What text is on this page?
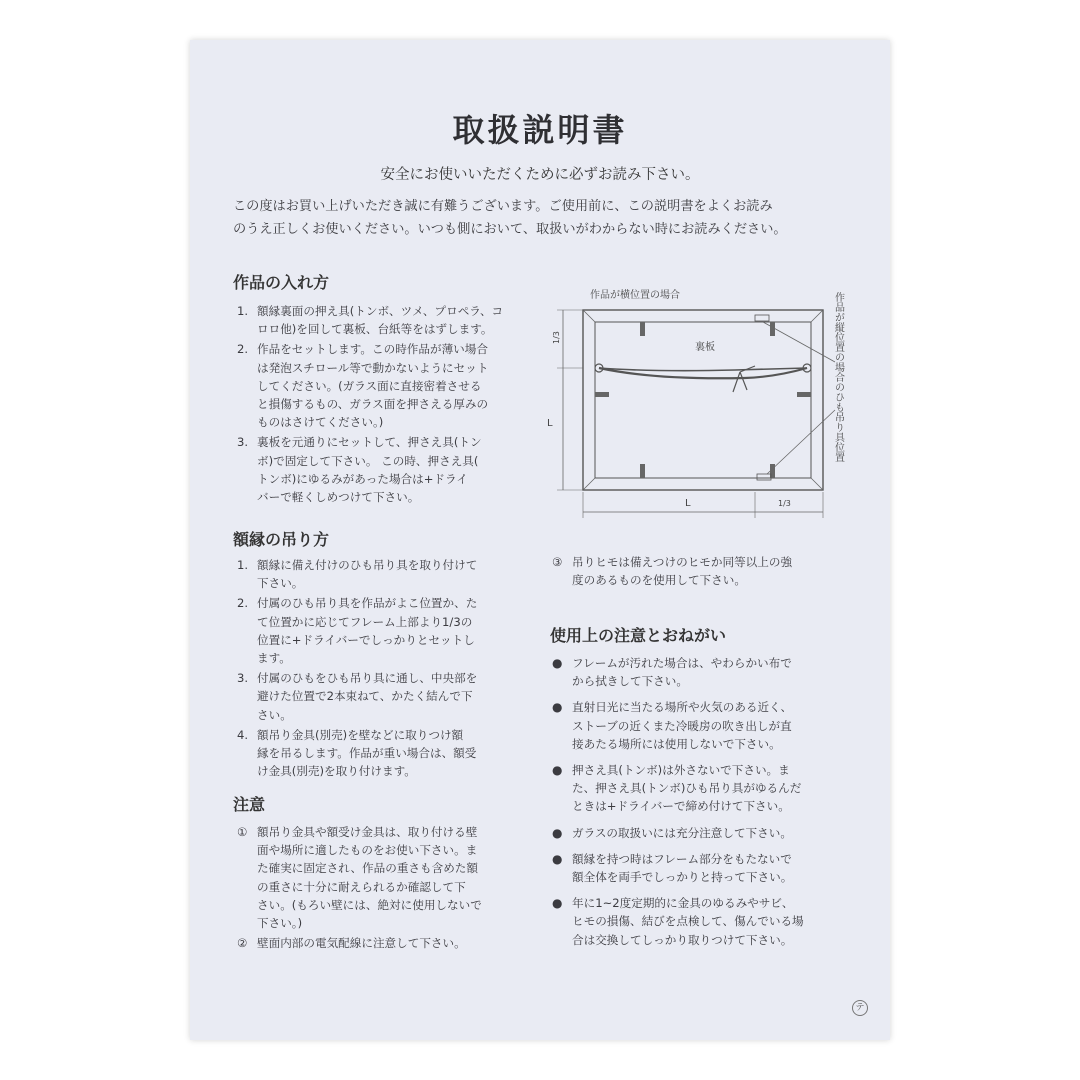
取扱説明書
安全にお使いいただくために必ずお読み下さい。

この度はお買い上げいただき誠に有難うございます。ご使用前に、この説明書をよくお読み

のうえ正しくお使いください。いつも側において、取扱いがわからない時にお読みください。

作品の入れ方
1. 額縁裏面の押え具(トンボ、ツメ、プロペラ、コ
ロロ他)を回して裏板、台紙等をはずします。
2. 作品をセットします。この時作品が薄い場合
は発泡スチロール等で動かないようにセット
してください。(ガラス面に直接密着させる
と損傷するもの、ガラス面を押さえる厚みの
ものはさけてください。)
3. 裏板を元通りにセットして、押さえ具(トン
ボ)で固定して下さい。 この時、押さえ具(
トンボ)にゆるみがあった場合は+ドライ
バーで軽くしめつけて下さい。
作品が横位置の場合
裏板
1/3
L
L	1/3
作品が縦位置の場合のひも吊り具位置
額縁の吊り方
1. 額縁に備え付けのひも吊り具を取り付けて
下さい。
2. 付属のひも吊り具を作品がよこ位置か、た
て位置かに応じてフレーム上部より1/3の
位置に+ドライバーでしっかりとセットし
ます。
3. 付属のひもをひも吊り具に通し、中央部を
避けた位置で2本束ねて、かたく結んで下
さい。
4. 額吊り金具(別売)を壁などに取りつけ額
縁を吊るします。作品が重い場合は、額受
け金具(別売)を取り付けます。
③ 吊りヒモは備えつけのヒモか同等以上の強
度のあるものを使用して下さい。
注意
① 額吊り金具や額受け金具は、取り付ける壁
面や場所に適したものをお使い下さい。ま
た確実に固定され、作品の重さも含めた額
の重さに十分に耐えられるか確認して下
さい。(もろい壁には、絶対に使用しないで
下さい。)
② 壁面内部の電気配線に注意して下さい。
使用上の注意とおねがい
● フレームが汚れた場合は、やわらかい布で
から拭きして下さい。
● 直射日光に当たる場所や火気のある近く、
ストーブの近くまた冷暖房の吹き出しが直
接あたる場所には使用しないで下さい。
● 押さえ具(トンボ)は外さないで下さい。ま
た、押さえ具(トンボ)ひも吊り具がゆるんだ
ときは+ドライバーで締め付けて下さい。
● ガラスの取扱いには充分注意して下さい。
● 額縁を持つ時はフレーム部分をもたないで
額全体を両手でしっかりと持って下さい。
● 年に1~2度定期的に金具のゆるみやサビ、
ヒモの損傷、結びを点検して、傷んでいる場
合は交換してしっかり取りつけて下さい。
テ
